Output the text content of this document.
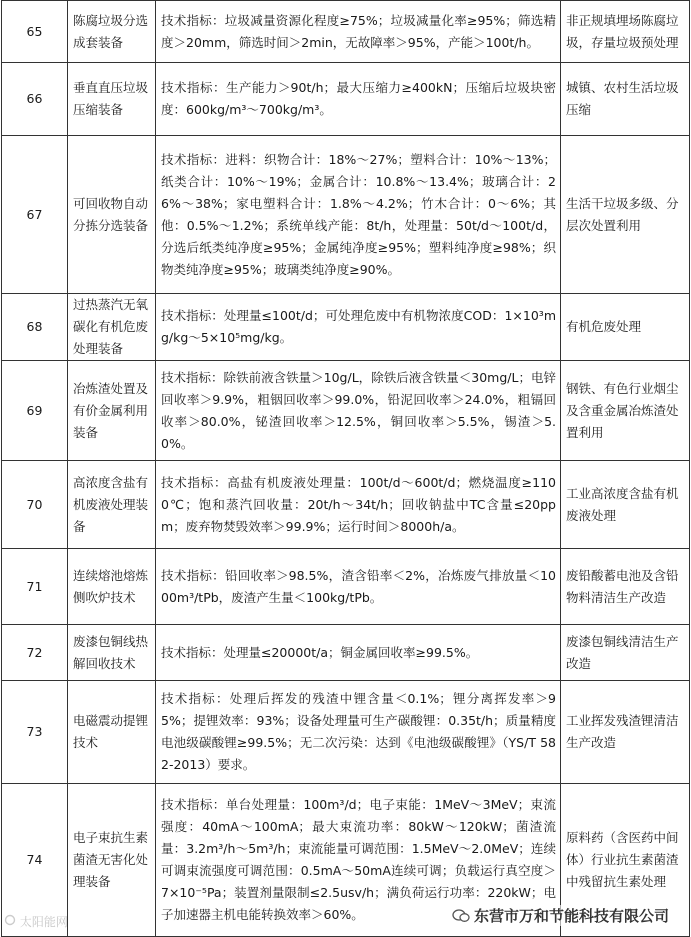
65	陈腐垃圾分选成套装备	技术指标：垃圾减量资源化程度≥75%；垃圾减量化率≥95%；筛选精度＞20mm，筛选时间＞2min，无故障率＞95%，产能＞100t/h。	非正规填埋场陈腐垃圾，存量垃圾预处理
66	垂直直压垃圾压缩装备	技术指标：生产能力＞90t/h；最大压缩力≥400kN；压缩后垃圾块密度：600kg/m³～700kg/m³。	城镇、农村生活垃圾压缩
67	可回收物自动分拣分选装备	技术指标：进料：织物合计：18%～27%；塑料合计：10%～13%；纸类合计：10%～19%；金属合计：10.8%～13.4%；玻璃合计：26%～38%；家电塑料合计：1.8%～4.2%；竹木合计：0～6%；其他：0.5%～1.2%；系统单线产能：8t/h，处理量：50t/d～100t/d，分选后纸类纯净度≥95%；金属纯净度≥95%；塑料纯净度≥98%；织物类纯净度≥95%；玻璃类纯净度≥90%。	生活干垃圾多级、分层次处置利用
68	过热蒸汽无氧碳化有机危废处理装备	技术指标：处理量≤100t/d；可处理危废中有机物浓度COD：1×10³mg/kg～5×10⁵mg/kg。	有机危废处理
69	冶炼渣处置及有价金属利用装备	技术指标：除铁前液含铁量＞10g/L，除铁后液含铁量＜30mg/L；电锌回收率＞9.9%，粗铟回收率＞99.0%，铅泥回收率＞24.0%，粗镉回收率＞80.0%，铋渣回收率＞12.5%，铜回收率＞5.5%，锡渣＞5.0%。	钢铁、有色行业烟尘及含重金属冶炼渣处置利用
70	高浓度含盐有机废液处理装备	技术指标：高盐有机废液处理量：100t/d～600t/d；燃烧温度≥1100℃；饱和蒸汽回收量：20t/h～34t/h；回收钠盐中TC含量≤20ppm；废弃物焚毁效率＞99.9%；运行时间＞8000h/a。	工业高浓度含盐有机废液处理
71	连续熔池熔炼侧吹炉技术	技术指标：铅回收率＞98.5%，渣含铅率＜2%，冶炼废气排放量＜1000m³/tPb，废渣产生量＜100kg/tPb。	废铅酸蓄电池及含铅物料清洁生产改造
72	废漆包铜线热解回收技术	技术指标：处理量≤20000t/a；铜金属回收率≥99.5%。	废漆包铜线清洁生产改造
73	电磁震动提锂技术	技术指标：处理后挥发的残渣中锂含量＜0.1%；锂分离挥发率＞95%；提锂效率：93%；设备处理量可生产碳酸锂：0.35t/h；质量精度电池级碳酸锂≥99.5%；无二次污染：达到《电池级碳酸锂》（YS/T 582-2013）要求。	工业挥发残渣锂清洁生产改造
74	电子束抗生素菌渣无害化处理装备	技术指标：单台处理量：100m³/d；电子束能：1MeV～3MeV；束流强度：40mA～100mA；最大束流功率：80kW～120kW；菌渣流量：3.2m³/h～5m³/h；束流能量可调范围：1.5MeV～2.0MeV；连续可调束流强度可调范围：0.5mA～50mA连续可调；负载运行真空度＞7×10⁻⁵Pa；装置剂量限制≤2.5usv/h；满负荷运行功率：220kW；电子加速器主机电能转换效率＞60%。	原料药（含医药中间体）行业抗生素菌渣中残留抗生素处理
太阳能网	东营市万和节能科技有限公司
